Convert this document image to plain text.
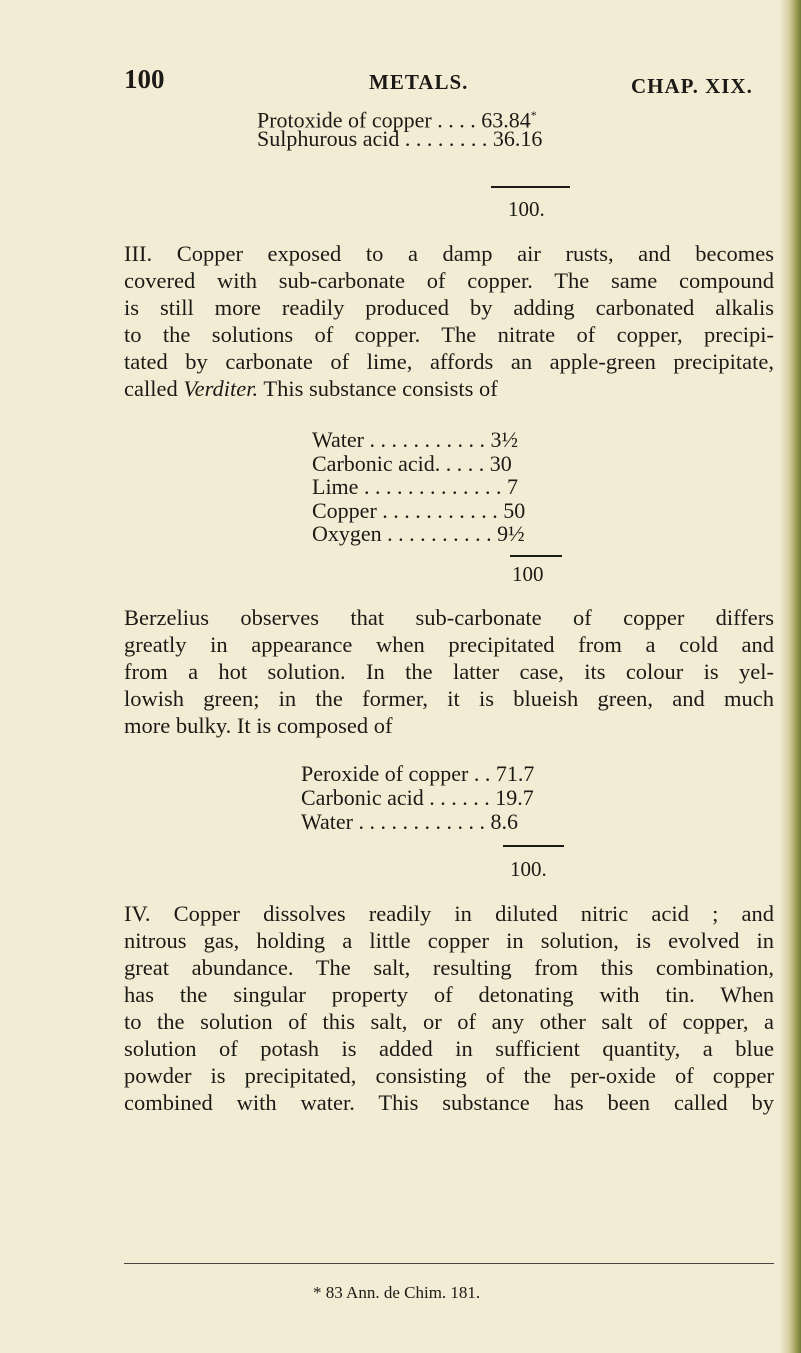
100	METALS.	CHAP. XIX.
Protoxide of copper . . . . 63.84*
Sulphurous acid . . . . . . . . 36.16
100.
III. Copper exposed to a damp air rusts, and becomes
covered with sub-carbonate of copper. The same compound
is still more readily produced by adding carbonated alkalis
to the solutions of copper. The nitrate of copper, precipi-
tated by carbonate of lime, affords an apple-green precipitate,
called Verditer. This substance consists of
Water . . . . . . . . . . . 3½
Carbonic acid. . . . . 30
Lime . . . . . . . . . . . . . 7
Copper . . . . . . . . . . . 50
Oxygen . . . . . . . . . . 9½
100
Berzelius observes that sub-carbonate of copper differs
greatly in appearance when precipitated from a cold and
from a hot solution. In the latter case, its colour is yel-
lowish green; in the former, it is blueish green, and much
more bulky. It is composed of
Peroxide of copper . . 71.7
Carbonic acid . . . . . . 19.7
Water . . . . . . . . . . . . 8.6
100.
IV. Copper dissolves readily in diluted nitric acid ; and
nitrous gas, holding a little copper in solution, is evolved in
great abundance. The salt, resulting from this combination,
has the singular property of detonating with tin. When
to the solution of this salt, or of any other salt of copper, a
solution of potash is added in sufficient quantity, a blue
powder is precipitated, consisting of the per-oxide of copper
combined with water. This substance has been called by
* 83 Ann. de Chim. 181.
